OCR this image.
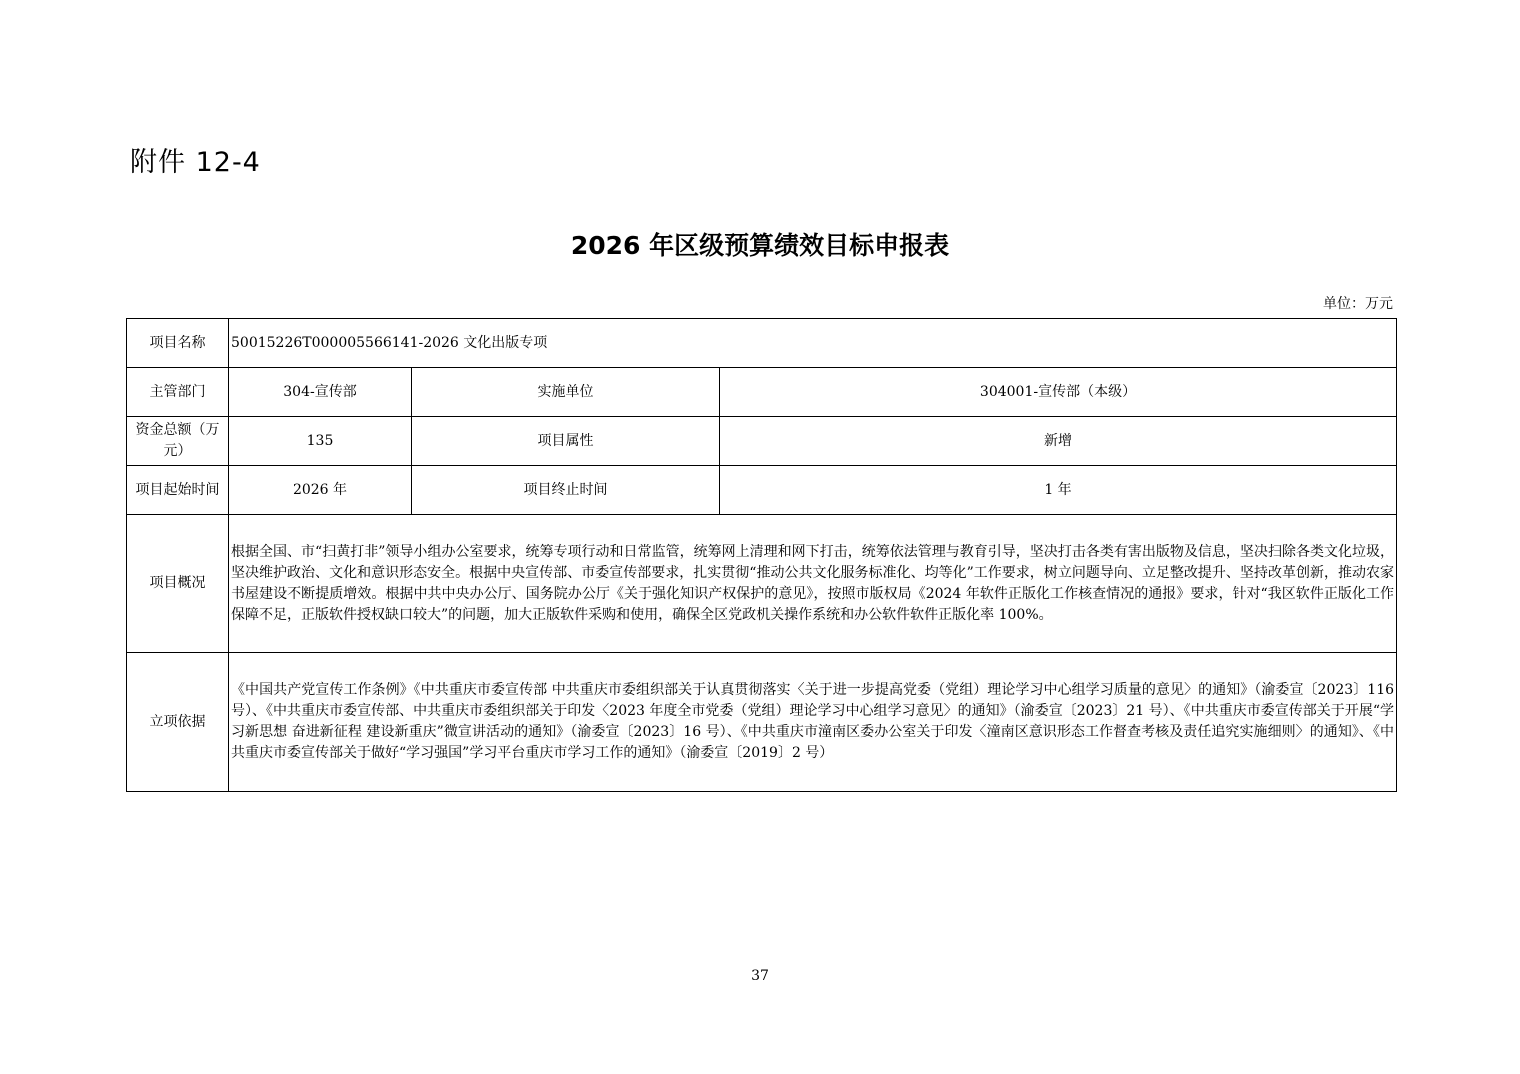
附件 12-4
2026 年区级预算绩效目标申报表
单位：万元
项目名称	50015226T000005566141-2026 文化出版专项		
主管部门	304-宣传部	实施单位	304001-宣传部（本级）
资金总额（万元）	135	项目属性	新增
项目起始时间	2026 年	项目终止时间	1 年
项目概况	根据全国、市“扫黄打非”领导小组办公室要求，统筹专项行动和日常监管，统筹网上清理和网下打击，统筹依法管理与教育引导，坚决打击各类有害出版物及信息，坚决扫除各类文化垃圾，坚决维护政治、文化和意识形态安全。根据中央宣传部、市委宣传部要求，扎实贯彻“推动公共文化服务标准化、均等化”工作要求，树立问题导向、立足整改提升、坚持改革创新，推动农家书屋建设不断提质增效。根据中共中央办公厅、国务院办公厅《关于强化知识产权保护的意见》，按照市版权局《2024 年软件正版化工作核查情况的通报》要求，针对“我区软件正版化工作保障不足，正版软件授权缺口较大”的问题，加大正版软件采购和使用，确保全区党政机关操作系统和办公软件软件正版化率 100%。		
立项依据	《中国共产党宣传工作条例》《中共重庆市委宣传部 中共重庆市委组织部关于认真贯彻落实〈关于进一步提高党委（党组）理论学习中心组学习质量的意见〉的通知》（渝委宣〔2023〕116 号）、《中共重庆市委宣传部、中共重庆市委组织部关于印发〈2023 年度全市党委（党组）理论学习中心组学习意见〉的通知》（渝委宣〔2023〕21 号）、《中共重庆市委宣传部关于开展“学习新思想 奋进新征程 建设新重庆”微宣讲活动的通知》（渝委宣〔2023〕16 号）、《中共重庆市潼南区委办公室关于印发〈潼南区意识形态工作督查考核及责任追究实施细则〉的通知》、《中共重庆市委宣传部关于做好“学习强国”学习平台重庆市学习工作的通知》（渝委宣〔2019〕2 号）		
37
